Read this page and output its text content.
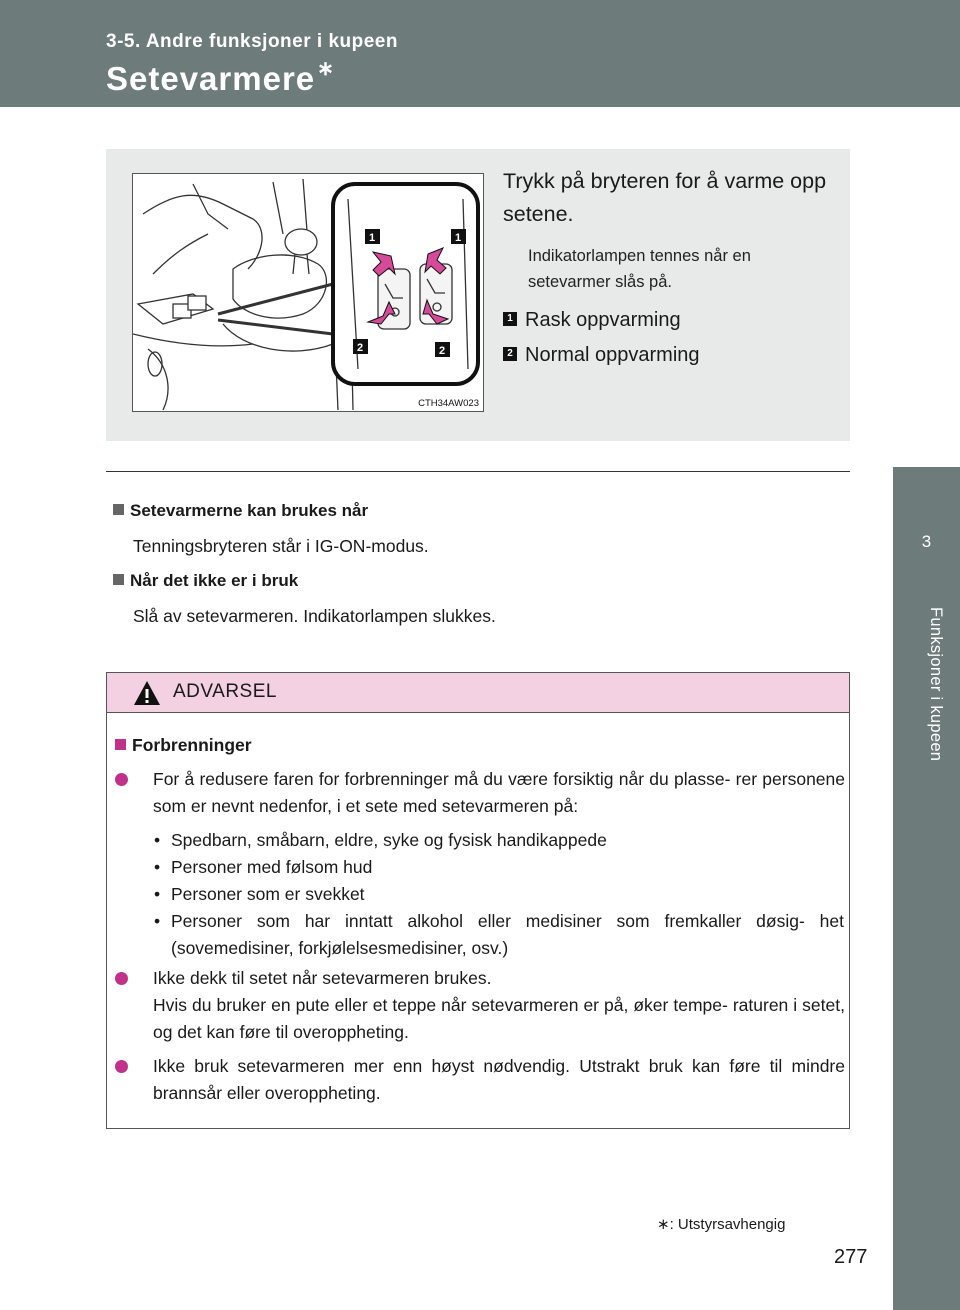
3-5. Andre funksjoner i kupeen
Setevarmere ∗
3
Funksjoner i kupeen
1	1
2	2
CTH34AW023
Trykk på bryteren for å varme opp setene.
Indikatorlampen tennes når en setevarmer slås på.
1 Rask oppvarming
2 Normal oppvarming
Setevarmerne kan brukes når
Tenningsbryteren står i IG-ON-modus.
Når det ikke er i bruk
Slå av setevarmeren. Indikatorlampen slukkes.
ADVARSEL
Forbrenninger
For å redusere faren for forbrenninger må du være forsiktig når du plasse- rer personene som er nevnt nedenfor, i et sete med setevarmeren på:
• Spedbarn, småbarn, eldre, syke og fysisk handikappede
• Personer med følsom hud
• Personer som er svekket
• Personer som har inntatt alkohol eller medisiner som fremkaller døsig- het (sovemedisiner, forkjølelsesmedisiner, osv.)
Ikke dekk til setet når setevarmeren brukes.
Hvis du bruker en pute eller et teppe når setevarmeren er på, øker tempe- raturen i setet, og det kan føre til overoppheting.
Ikke bruk setevarmeren mer enn høyst nødvendig. Utstrakt bruk kan føre til mindre brannsår eller overoppheting.
∗: Utstyrsavhengig
277
